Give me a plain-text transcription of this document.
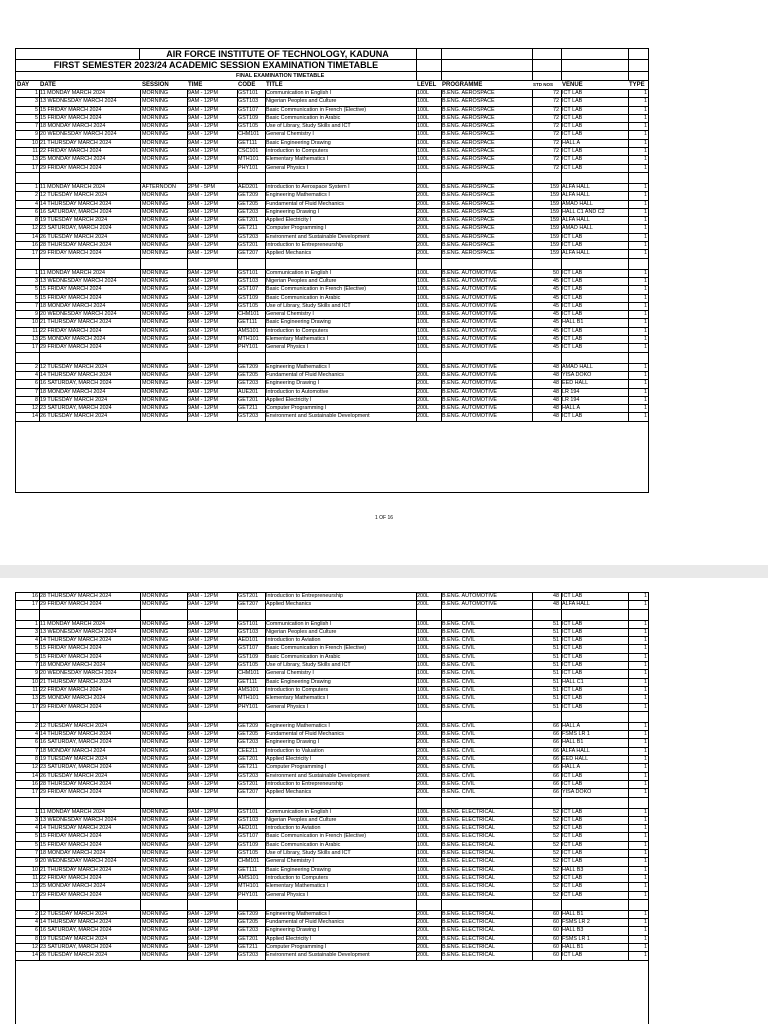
AIR FORCE INSTITUTE OF TECHNOLOGY, KADUNA
FIRST SEMESTER 2023/24 ACADEMIC SESSION EXAMINATION TIMETABLE
FINAL EXAMINATION TIMETABLE
DAY DATE	SESSION	TIME	CODE TITLE	LEVEL PROGRAMME	STD NOS VENUE	TYPE
1 11 MONDAY MARCH 2024	MORNING	9AM - 12PM	GST101	Communication in English I	100L	B.ENG. AEROSPACE	72 ICT LAB	1
3 13 WEDNESDAY MARCH 2024	MORNING	9AM - 12PM	GST103	Nigerian Peoples and Culture	100L	B.ENG. AEROSPACE	72 ICT LAB	1
5 15 FRIDAY MARCH 2024	MORNING	9AM - 12PM	GST107	Basic Communication in French (Elective)	100L	B.ENG. AEROSPACE	72 ICT LAB	1
5 15 FRIDAY MARCH 2024	MORNING	9AM - 12PM	GST109	Basic Communication in Arabic	100L	B.ENG. AEROSPACE	72 ICT LAB	1
7 18 MONDAY MARCH 2024	MORNING	9AM - 12PM	GST105	Use of Library, Study Skills and ICT	100L	B.ENG. AEROSPACE	72 ICT LAB	1
9 20 WEDNESDAY MARCH 2024	MORNING	9AM - 12PM	CHM101	General Chemistry I	100L	B.ENG. AEROSPACE	72 ICT LAB	1
10 21 THURSDAY MARCH 2024	MORNING	9AM - 12PM	GET111	Basic Engineering Drawing	100L	B.ENG. AEROSPACE	72 HALL A	1
11 22 FRIDAY MARCH 2024	MORNING	9AM - 12PM	CSC101	Introduction to Computers	100L	B.ENG. AEROSPACE	72 ICT LAB	1
13 25 MONDAY MARCH 2024	MORNING	9AM - 12PM	MTH101	Elementary Mathematics I	100L	B.ENG. AEROSPACE	72 ICT LAB	1
17 29 FRIDAY MARCH 2024	MORNING	9AM - 12PM	PHY101	General Physics I	100L	B.ENG. AEROSPACE	72 ICT LAB	1
1 11 MONDAY MARCH 2024	AFTERNOON	2PM - 5PM	AED201	Introduction to Aerospace System I	200L	B.ENG. AEROSPACE	159 ALFA HALL	1
2 12 TUESDAY MARCH 2024	MORNING	9AM - 12PM	GET209	Engineering Mathematics I	200L	B.ENG. AEROSPACE	159 ALFA HALL	1
4 14 THURSDAY MARCH 2024	MORNING	9AM - 12PM	GET205	Fundamental of Fluid Mechanics	200L	B.ENG. AEROSPACE	159 AMAO HALL	1
6 16 SATURDAY, MARCH 2024	MORNING	9AM - 12PM	GET203	Engineering Drawing I	200L	B.ENG. AEROSPACE	159 HALL C1 AND C2	1
8 19 TUESDAY MARCH 2024	MORNING	9AM - 12PM	GET201	Applied Electricity I	200L	B.ENG. AEROSPACE	159 ALFA HALL	1
12 23 SATURDAY, MARCH 2024	MORNING	9AM - 12PM	GET211	Computer Programming I	200L	B.ENG. AEROSPACE	159 AMAO HALL	1
14 26 TUESDAY MARCH 2024	MORNING	9AM - 12PM	GST203	Environment and Sustainable Development	200L	B.ENG. AEROSPACE	159 ICT LAB	1
16 28 THURSDAY MARCH 2024	MORNING	9AM - 12PM	GST201	Introduction to Entrepreneurship	200L	B.ENG. AEROSPACE	159 ICT LAB	1
17 29 FRIDAY MARCH 2024	MORNING	9AM - 12PM	GET207	Applied Mechanics	200L	B.ENG. AEROSPACE	159 ALFA HALL	1
1 11 MONDAY MARCH 2024	MORNING	9AM - 12PM	GST101	Communication in English I	100L	B.ENG. AUTOMOTIVE	50 ICT LAB	1
3 13 WEDNESDAY MARCH 2024	MORNING	9AM - 12PM	GST103	Nigerian Peoples and Culture	100L	B.ENG. AUTOMOTIVE	45 ICT LAB	1
5 15 FRIDAY MARCH 2024	MORNING	9AM - 12PM	GST107	Basic Communication in French (Elective)	100L	B.ENG. AUTOMOTIVE	45 ICT LAB	1
5 15 FRIDAY MARCH 2024	MORNING	9AM - 12PM	GST109	Basic Communication in Arabic	100L	B.ENG. AUTOMOTIVE	45 ICT LAB	1
7 18 MONDAY MARCH 2024	MORNING	9AM - 12PM	GST105	Use of Library, Study Skills and ICT	100L	B.ENG. AUTOMOTIVE	45 ICT LAB	1
9 20 WEDNESDAY MARCH 2024	MORNING	9AM - 12PM	CHM101	General Chemistry I	100L	B.ENG. AUTOMOTIVE	45 ICT LAB	1
10 21 THURSDAY MARCH 2024	MORNING	9AM - 12PM	GET111	Basic Engineering Drawing	100L	B.ENG. AUTOMOTIVE	45 HALL B1	1
11 22 FRIDAY MARCH 2024	MORNING	9AM - 12PM	AMS101	Introduction to Computers	100L	B.ENG. AUTOMOTIVE	45 ICT LAB	1
13 25 MONDAY MARCH 2024	MORNING	9AM - 12PM	MTH101	Elementary Mathematics I	100L	B.ENG. AUTOMOTIVE	45 ICT LAB	1
17 29 FRIDAY MARCH 2024	MORNING	9AM - 12PM	PHY101	General Physics I	100L	B.ENG. AUTOMOTIVE	45 ICT LAB	1
2 12 TUESDAY MARCH 2024	MORNING	9AM - 12PM	GET209	Engineering Mathematics I	200L	B.ENG. AUTOMOTIVE	48 AMAO HALL	1
4 14 THURSDAY MARCH 2024	MORNING	9AM - 12PM	GET205	Fundamental of Fluid Mechanics	200L	B.ENG. AUTOMOTIVE	48 YISA DOKO	1
6 16 SATURDAY, MARCH 2024	MORNING	9AM - 12PM	GET203	Engineering Drawing I	200L	B.ENG. AUTOMOTIVE	48 EED HALL	1
7 18 MONDAY MARCH 2024	MORNING	9AM - 12PM	AUE201	Introduction to Automotive	200L	B.ENG. AUTOMOTIVE	48 LR 194	1
8 19 TUESDAY MARCH 2024	MORNING	9AM - 12PM	GET201	Applied Electricity I	200L	B.ENG. AUTOMOTIVE	48 LR 194	1
12 23 SATURDAY, MARCH 2024	MORNING	9AM - 12PM	GET211	Computer Programming I	200L	B.ENG. AUTOMOTIVE	48 HALL A	1
14 26 TUESDAY MARCH 2024	MORNING	9AM - 12PM	GST203	Environment and Sustainable Development	200L	B.ENG. AUTOMOTIVE	48 ICT LAB	1
1 OF 16
16 28 THURSDAY MARCH 2024	MORNING	9AM - 12PM	GST201	Introduction to Entrepreneurship	200L	B.ENG. AUTOMOTIVE	48 ICT LAB	1
17 29 FRIDAY MARCH 2024	MORNING	9AM - 12PM	GET207	Applied Mechanics	200L	B.ENG. AUTOMOTIVE	48 ALFA HALL	1
1 11 MONDAY MARCH 2024	MORNING	9AM - 12PM	GST101	Communication in English I	100L	B.ENG. CIVIL	51 ICT LAB	1
3 13 WEDNESDAY MARCH 2024	MORNING	9AM - 12PM	GST103	Nigerian Peoples and Culture	100L	B.ENG. CIVIL	51 ICT LAB	1
4 14 THURSDAY MARCH 2024	MORNING	9AM - 12PM	AED101	Introduction to Aviation	100L	B.ENG. CIVIL	51 ICT LAB	1
5 15 FRIDAY MARCH 2024	MORNING	9AM - 12PM	GST107	Basic Communication in French (Elective)	100L	B.ENG. CIVIL	51 ICT LAB	1
5 15 FRIDAY MARCH 2024	MORNING	9AM - 12PM	GST109	Basic Communication in Arabic	100L	B.ENG. CIVIL	51 ICT LAB	1
7 18 MONDAY MARCH 2024	MORNING	9AM - 12PM	GST105	Use of Library, Study Skills and ICT	100L	B.ENG. CIVIL	51 ICT LAB	1
9 20 WEDNESDAY MARCH 2024	MORNING	9AM - 12PM	CHM101	General Chemistry I	100L	B.ENG. CIVIL	51 ICT LAB	1
10 21 THURSDAY MARCH 2024	MORNING	9AM - 12PM	GET111	Basic Engineering Drawing	100L	B.ENG. CIVIL	51 HALL C1	1
11 22 FRIDAY MARCH 2024	MORNING	9AM - 12PM	AMS101	Introduction to Computers	100L	B.ENG. CIVIL	51 ICT LAB	1
13 25 MONDAY MARCH 2024	MORNING	9AM - 12PM	MTH101	Elementary Mathematics I	100L	B.ENG. CIVIL	51 ICT LAB	1
17 29 FRIDAY MARCH 2024	MORNING	9AM - 12PM	PHY101	General Physics I	100L	B.ENG. CIVIL	51 ICT LAB	1
2 12 TUESDAY MARCH 2024	MORNING	9AM - 12PM	GET209	Engineering Mathematics I	200L	B.ENG. CIVIL	66 HALL A	1
4 14 THURSDAY MARCH 2024	MORNING	9AM - 12PM	GET205	Fundamental of Fluid Mechanics	200L	B.ENG. CIVIL	66 FSMS LR 1	1
6 16 SATURDAY, MARCH 2024	MORNING	9AM - 12PM	GET203	Engineering Drawing I	200L	B.ENG. CIVIL	66 HALL B1	1
7 18 MONDAY MARCH 2024	MORNING	9AM - 12PM	CEE211	Introduction to Valuation	200L	B.ENG. CIVIL	66 ALFA HALL	1
8 19 TUESDAY MARCH 2024	MORNING	9AM - 12PM	GET201	Applied Electricity I	200L	B.ENG. CIVIL	66 EED HALL	1
12 23 SATURDAY, MARCH 2024	MORNING	9AM - 12PM	GET211	Computer Programming I	200L	B.ENG. CIVIL	66 HALL A	1
14 26 TUESDAY MARCH 2024	MORNING	9AM - 12PM	GST203	Environment and Sustainable Development	200L	B.ENG. CIVIL	66 ICT LAB	1
16 28 THURSDAY MARCH 2024	MORNING	9AM - 12PM	GST201	Introduction to Entrepreneurship	200L	B.ENG. CIVIL	66 ICT LAB	1
17 29 FRIDAY MARCH 2024	MORNING	9AM - 12PM	GET207	Applied Mechanics	200L	B.ENG. CIVIL	66 YISA DOKO	1
1 11 MONDAY MARCH 2024	MORNING	9AM - 12PM	GST101	Communication in English I	100L	B.ENG. ELECTRICAL	52 ICT LAB	1
3 13 WEDNESDAY MARCH 2024	MORNING	9AM - 12PM	GST103	Nigerian Peoples and Culture	100L	B.ENG. ELECTRICAL	52 ICT LAB	1
4 14 THURSDAY MARCH 2024	MORNING	9AM - 12PM	AED101	Introduction to Aviation	100L	B.ENG. ELECTRICAL	52 ICT LAB	1
5 15 FRIDAY MARCH 2024	MORNING	9AM - 12PM	GST107	Basic Communication in French (Elective)	100L	B.ENG. ELECTRICAL	52 ICT LAB	1
5 15 FRIDAY MARCH 2024	MORNING	9AM - 12PM	GST109	Basic Communication in Arabic	100L	B.ENG. ELECTRICAL	52 ICT LAB	1
7 18 MONDAY MARCH 2024	MORNING	9AM - 12PM	GST105	Use of Library, Study Skills and ICT	100L	B.ENG. ELECTRICAL	52 ICT LAB	1
9 20 WEDNESDAY MARCH 2024	MORNING	9AM - 12PM	CHM101	General Chemistry I	100L	B.ENG. ELECTRICAL	52 ICT LAB	1
10 21 THURSDAY MARCH 2024	MORNING	9AM - 12PM	GET111	Basic Engineering Drawing	100L	B.ENG. ELECTRICAL	52 HALL B3	1
11 22 FRIDAY MARCH 2024	MORNING	9AM - 12PM	AMS101	Introduction to Computers	100L	B.ENG. ELECTRICAL	52 ICT LAB	1
13 25 MONDAY MARCH 2024	MORNING	9AM - 12PM	MTH101	Elementary Mathematics I	100L	B.ENG. ELECTRICAL	52 ICT LAB	1
17 29 FRIDAY MARCH 2024	MORNING	9AM - 12PM	PHY101	General Physics I	100L	B.ENG. ELECTRICAL	52 ICT LAB	1
2 12 TUESDAY MARCH 2024	MORNING	9AM - 12PM	GET209	Engineering Mathematics I	200L	B.ENG. ELECTRICAL	60 HALL B1	1
4 14 THURSDAY MARCH 2024	MORNING	9AM - 12PM	GET205	Fundamental of Fluid Mechanics	200L	B.ENG. ELECTRICAL	60 FSMS LR 2	1
6 16 SATURDAY, MARCH 2024	MORNING	9AM - 12PM	GET203	Engineering Drawing I	200L	B.ENG. ELECTRICAL	60 HALL B3	1
8 19 TUESDAY MARCH 2024	MORNING	9AM - 12PM	GET201	Applied Electricity I	200L	B.ENG. ELECTRICAL	60 FSMS LR 1	1
12 23 SATURDAY, MARCH 2024	MORNING	9AM - 12PM	GET211	Computer Programming I	200L	B.ENG. ELECTRICAL	60 HALL B1	1
14 26 TUESDAY MARCH 2024	MORNING	9AM - 12PM	GST203	Environment and Sustainable Development	200L	B.ENG. ELECTRICAL	60 ICT LAB	1
